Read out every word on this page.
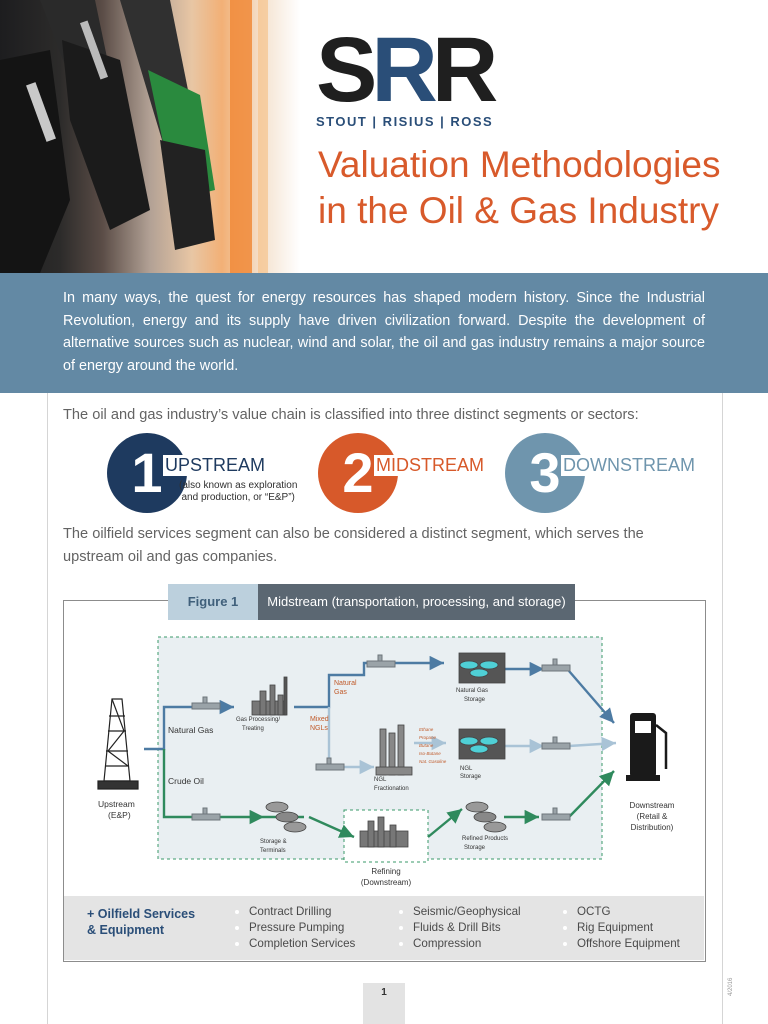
SRR
STOUT | RISIUS | ROSS
Valuation Methodologies
in the Oil & Gas Industry

In many ways, the quest for energy resources has shaped modern history. Since the Industrial Revolution, energy and its supply have driven civilization forward. Despite the development of alternative sources such as nuclear, wind and solar, the oil and gas industry remains a major source of energy around the world.

The oil and gas industry’s value chain is classified into three distinct segments or sectors:
1 UPSTREAM
(also known as exploration
and production, or “E&P”) 2 MIDSTREAM 3 DOWNSTREAM
The oilfield services segment can also be considered a distinct segment, which serves the upstream oil and gas companies.
Figure 1	Midstream (transportation, processing, and storage)
Upstream
(E&P)
Natural Gas
Crude Oil
Gas Processing/
Treating
Natural Gas
Storage
NGL
Storage
NGL
Fractionation
Storage &
Terminals
Refined Products
Storage
Natural
Gas
Mixed
NGLs	Ethane
Propane
Butane
Iso-Butane
Nat. Gasoline
Refining
(Downstream)
Downstream
(Retail &
Distribution)
+ Oilfield Services
& Equipment
Contract Drilling
Pressure Pumping
Completion Services
Seismic/Geophysical
Fluids & Drill Bits
Compression
OCTG
Rig Equipment
Offshore Equipment
1	4/2016
